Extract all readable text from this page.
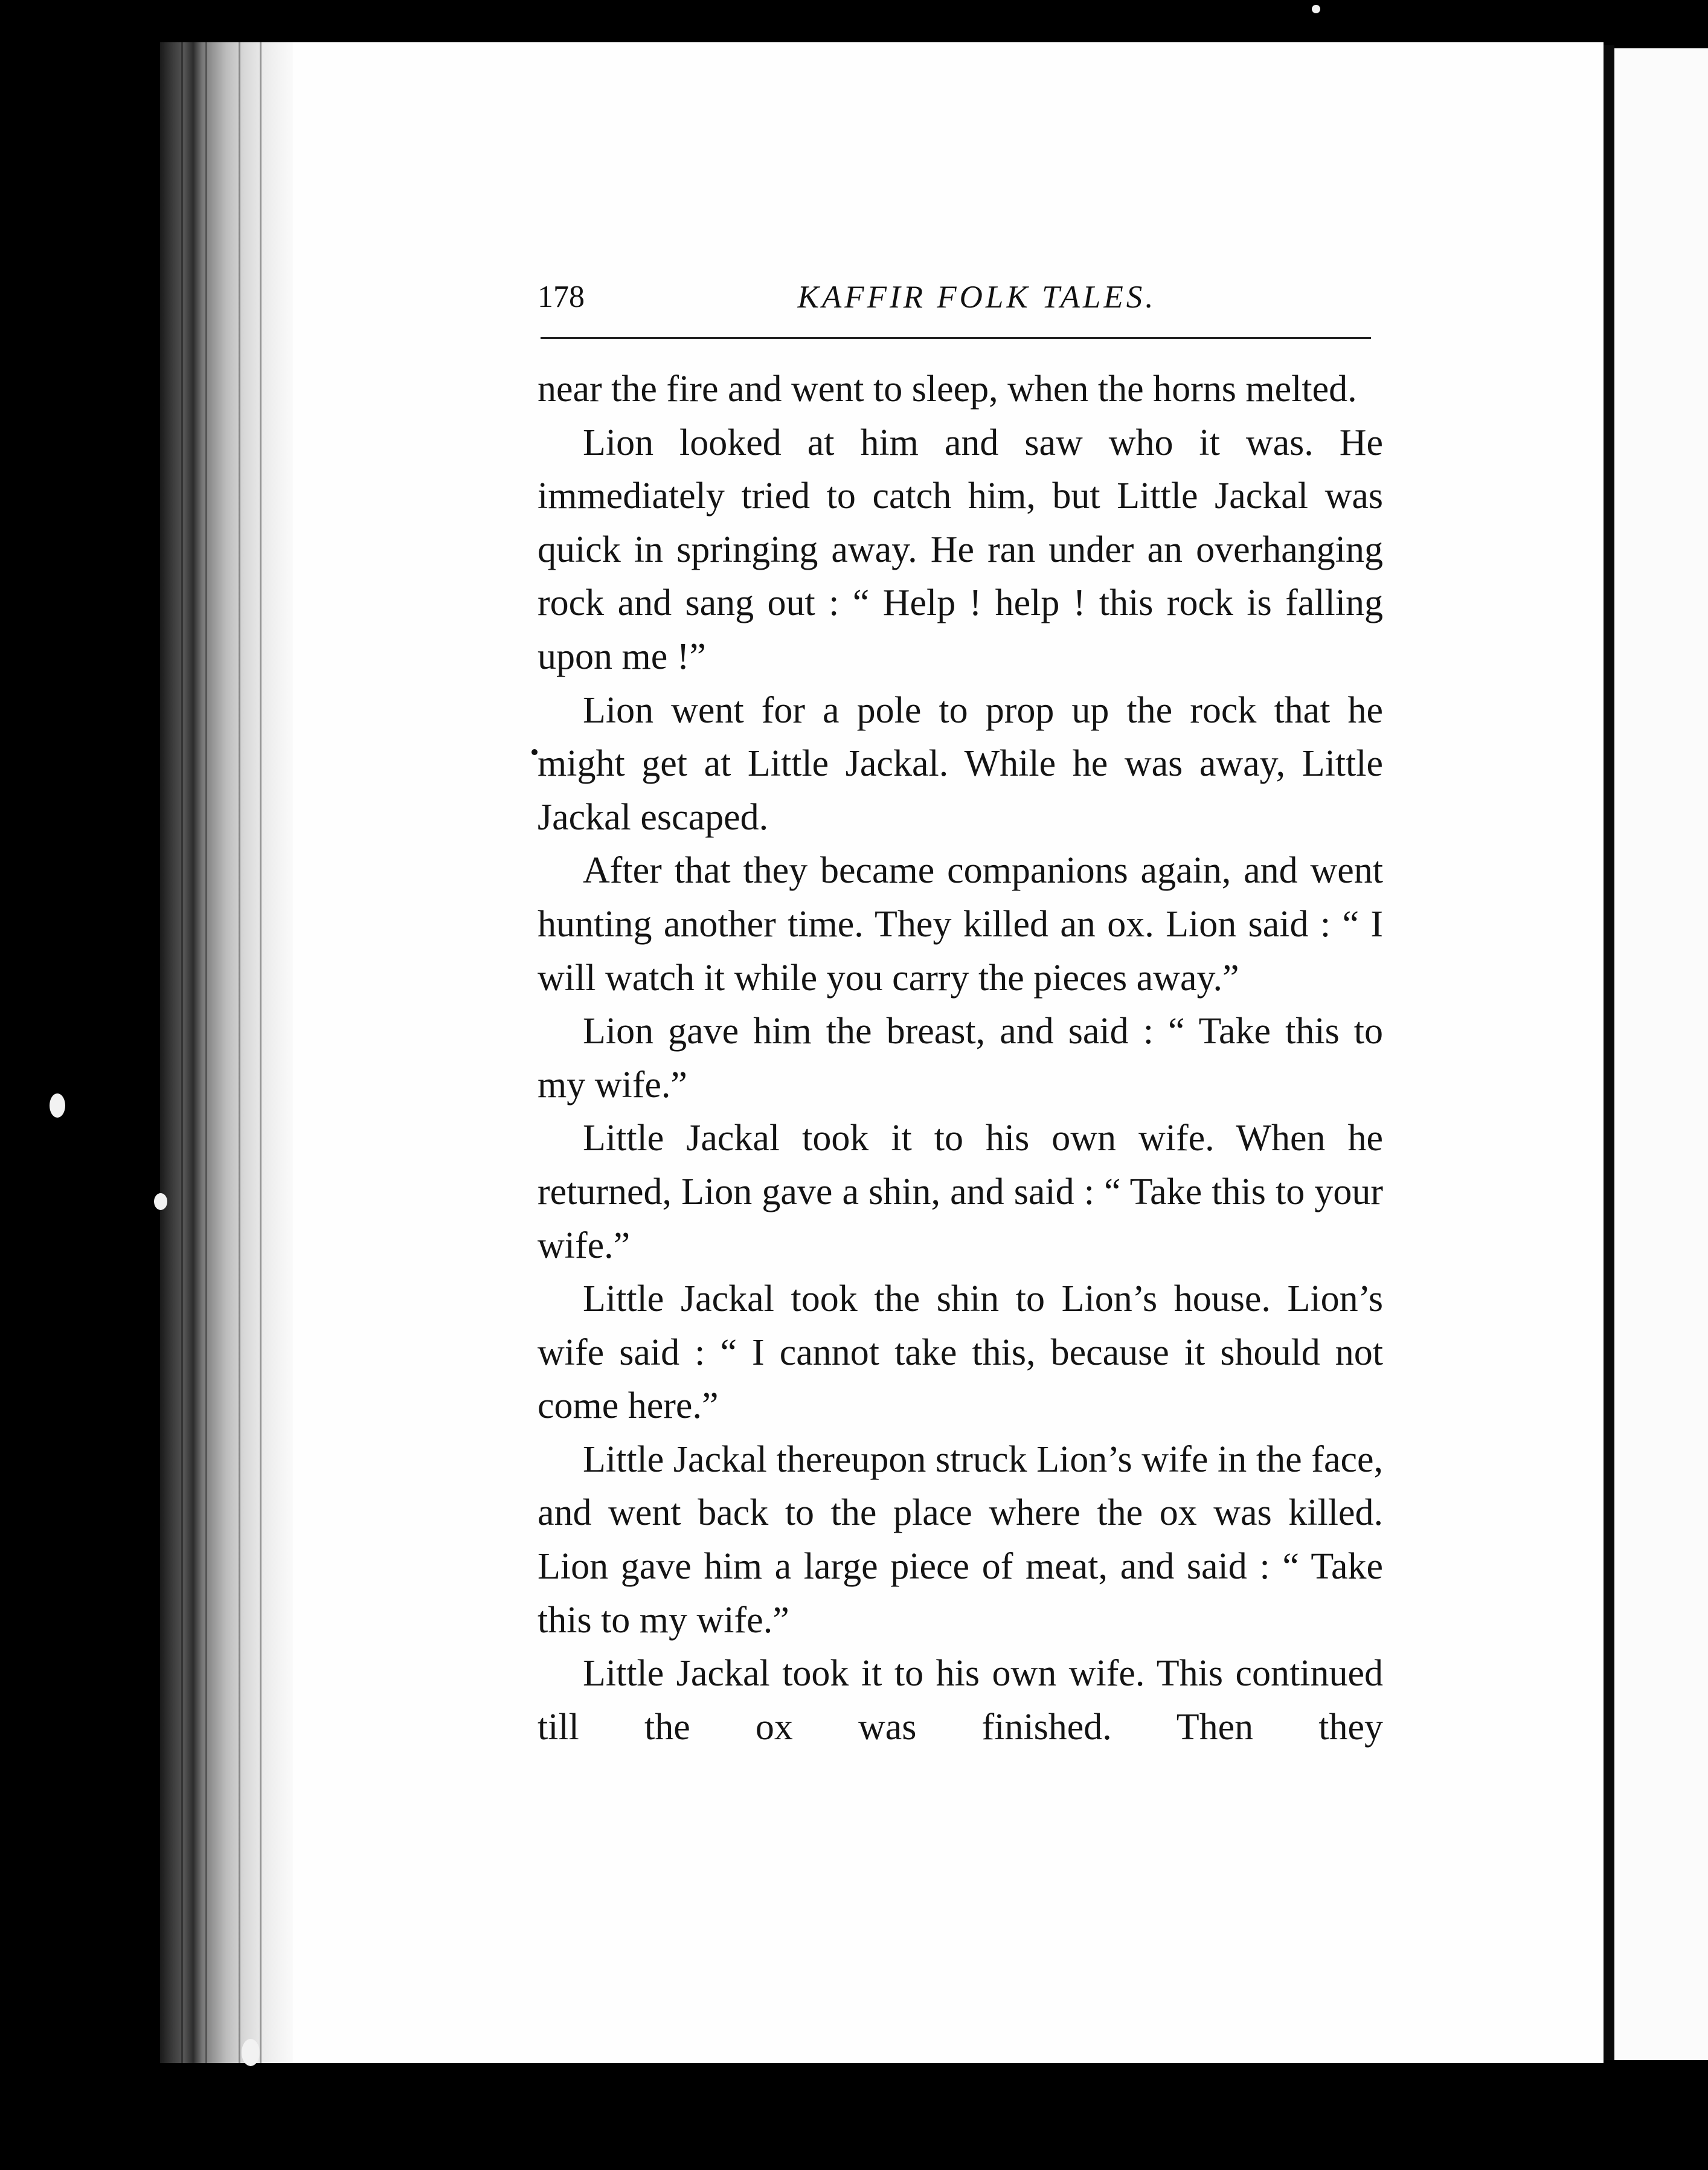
178	KAFFIR FOLK TALES.

near the fire and went to sleep, when the horns melted.

Lion looked at him and saw who it was. He immediately tried to catch him, but Little Jackal was quick in springing away. He ran under an overhanging rock and sang out : “ Help ! help ! this rock is falling upon me !”

Lion went for a pole to prop up the rock that he might get at Little Jackal. While he was away, Little Jackal escaped.

After that they became companions again, and went hunting another time. They killed an ox. Lion said : “ I will watch it while you carry the pieces away.”

Lion gave him the breast, and said : “ Take this to my wife.”

Little Jackal took it to his own wife. When he returned, Lion gave a shin, and said : “ Take this to your wife.”

Little Jackal took the shin to Lion’s house. Lion’s wife said : “ I cannot take this, because it should not come here.”

Little Jackal thereupon struck Lion’s wife in the face, and went back to the place where the ox was killed. Lion gave him a large piece of meat, and said : “ Take this to my wife.”

Little Jackal took it to his own wife. This continued till the ox was finished. Then they
